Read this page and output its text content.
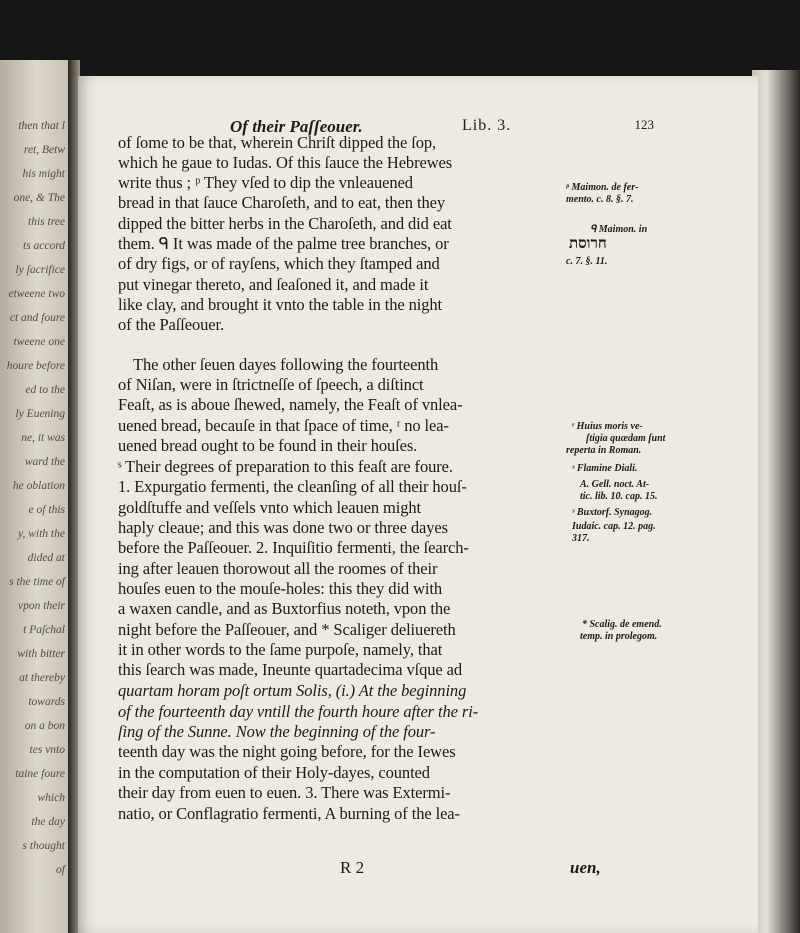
then that l
ret, Betw
his might
one, & The
this tree
ts accord
ly ſacrifice
etweene two
ct and foure
tweene one
houre before
ed to the
ly Euening
ne, it was
ward the
he oblation
e of this
y, with the
dided at
s the time of
vpon their
t Paſchal
with bitter
at thereby
towards
on a bon
tes vnto
taine foure
which
the day
s thought
of
Of their Paſſeouer.	Lib. 3.	123
of ſome to be that, wherein Chriſt dipped the ſop,
which he gaue to Iudas. Of this ſauce the Hebrewes
write thus ; ᵖ They vſed to dip the vnleauened
bread in that ſauce Charoſeth, and to eat, then they
dipped the bitter herbs in the Charoſeth, and did eat
them. ᑫ It was made of the palme tree branches, or
of dry figs, or of rayſens, which they ſtamped and
put vinegar thereto, and ſeaſoned it, and made it
like clay, and brought it vnto the table in the night
of the Paſſeouer.
The other ſeuen dayes following the fourteenth
of Niſan, were in ſtrictneſſe of ſpeech, a diſtinct
Feaſt, as is aboue ſhewed, namely, the Feaſt of vnlea-
uened bread, becauſe in that ſpace of time, ʳ no lea-
uened bread ought to be found in their houſes.
ˢ Their degrees of preparation to this feaſt are foure.
1. Expurgatio fermenti, the cleanſing of all their houſ-
goldſtuffe and veſſels vnto which leauen might
haply cleaue; and this was done two or three dayes
before the Paſſeouer. 2. Inquiſitio fermenti, the ſearch-
ing after leauen thorowout all the roomes of their
houſes euen to the mouſe-holes: this they did with
a waxen candle, and as Buxtorfius noteth, vpon the
night before the Paſſeouer, and * Scaliger deliuereth
it in other words to the ſame purpoſe, namely, that
this ſearch was made, Ineunte quartadecima vſque ad
quartam horam poſt ortum Solis, (i.) At the beginning
of the fourteenth day vntill the fourth houre after the ri-
ſing of the Sunne. Now the beginning of the four-
teenth day was the night going before, for the Iewes
in the computation of their Holy-dayes, counted
their day from euen to euen. 3. There was Extermi-
natio, or Conflagratio fermenti, A burning of the lea-
ᵖ Maimon. de fer-
mento. c. 8. §. 7.
ᑫ Maimon. in
חרוסת
c. 7. §. 11.
ʳ Huius moris ve-
ſtigia quædam ſunt
reperta in Roman.
ˢ Flamine Diali.
A. Gell. noct. At-
tic. lib. 10. cap. 15.
ˢ Buxtorf. Synagog.
Iudaic. cap. 12. pag.
317.
* Scalig. de emend.
temp. in prolegom.
R 2	uen,
